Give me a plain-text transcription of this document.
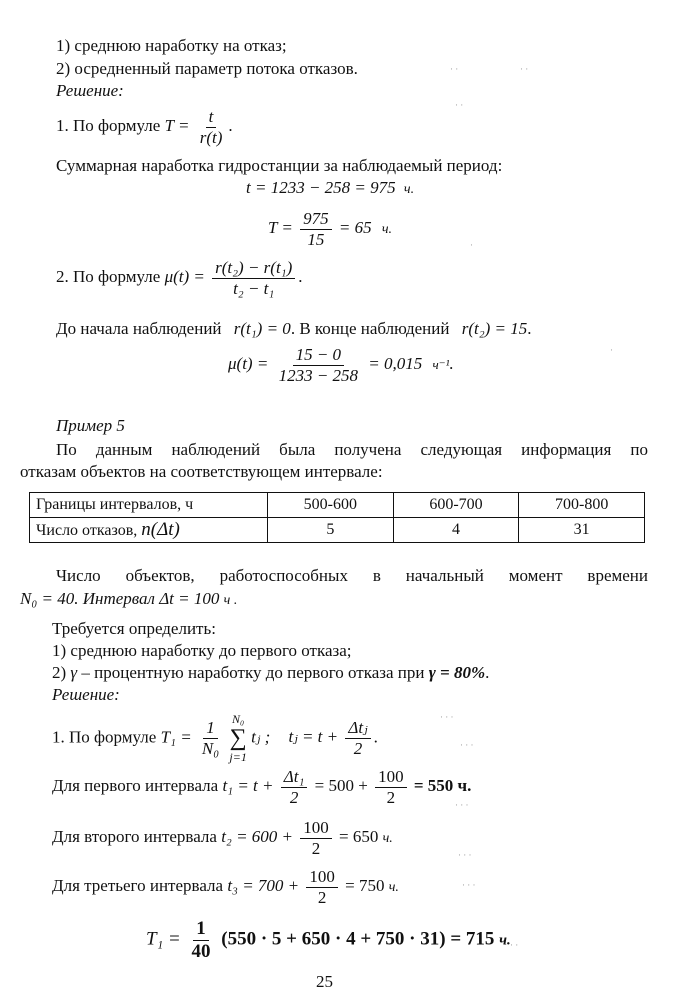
1) среднюю наработку на отказ;
2) осредненный параметр потока отказов.
Решение:
1. По формуле $T = \frac{t}{r(t)}$ .
Суммарная наработка гидростанции за наблюдаемый период:
t = 1233 − 258 = 975 ч.
$T = \frac{975}{15} = 65$ ч.
2. По формуле $\mu(t) = \frac{\text{r(t₂) − r(t₁)}}{\text{t₂ − t₁}}$ .
До начала наблюдений r(t₁) = 0. В конце наблюдений r(t₂) = 15.
$\mu(t) = \frac{15 - 0}{1233 - 258} = 0,015$ ч⁻¹.
Пример 5
По данным наблюдений была получена следующая информация по
отказам объектов на соответствующем интервале:
Границы интервалов, ч	500-600	600-700	700-800
Число отказов, n(Δt)	5	4	31
Число объектов, работоспособных в начальный момент времени
N₀ = 40. Интервал Δt = 100 ч .
Требуется определить:
1) среднюю наработку до первого отказа;
2) γ – процентную наработку до первого отказа при γ = 80%.
Решение:
1. По формуле $T_1 = \frac{1}{\text{N₀}}$
N₀
∑
j=1
tⱼ ; tⱼ = $t + \frac{\text{Δtⱼ}}{2}$ .
Для первого интервала $t_1 = t + \frac{\text{Δt₁}}{2} = 500 + \frac{100}{2} = 550$ ч.
Для второго интервала $t_2 = 600 + \frac{100}{2} = 650$ ч.
Для третьего интервала $t_3 = 700 + \frac{100}{2} = 750$ ч.
$T_1 = \frac{1}{40} (550 \cdot 5 + 650 \cdot 4 + 750 \cdot 31) = 715$ ч.
25
· ·	· ·
· ·
·
·
· · ·
· · ·
· · ·
· · ·
· · ·
· ·
